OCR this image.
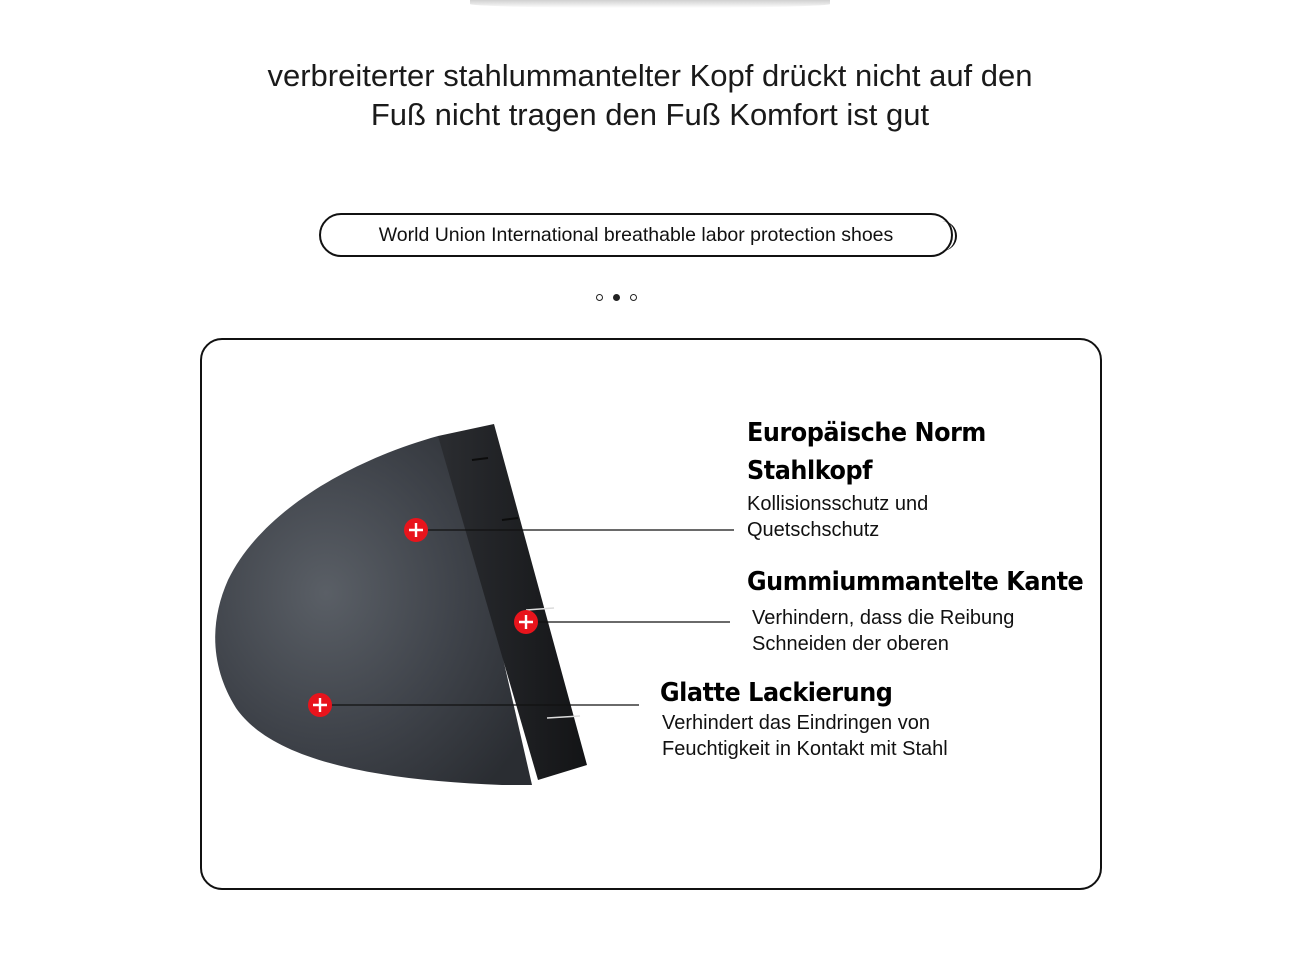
verbreiterter stahlummantelter Kopf drückt nicht auf den
Fuß nicht tragen den Fuß Komfort ist gut
World Union International breathable labor protection shoes
Europäische Norm
Stahlkopf
Kollisionsschutz und
Quetschschutz
Gummiummantelte Kante
Verhindern, dass die Reibung
Schneiden der oberen
Glatte Lackierung
Verhindert das Eindringen von
Feuchtigkeit in Kontakt mit Stahl
